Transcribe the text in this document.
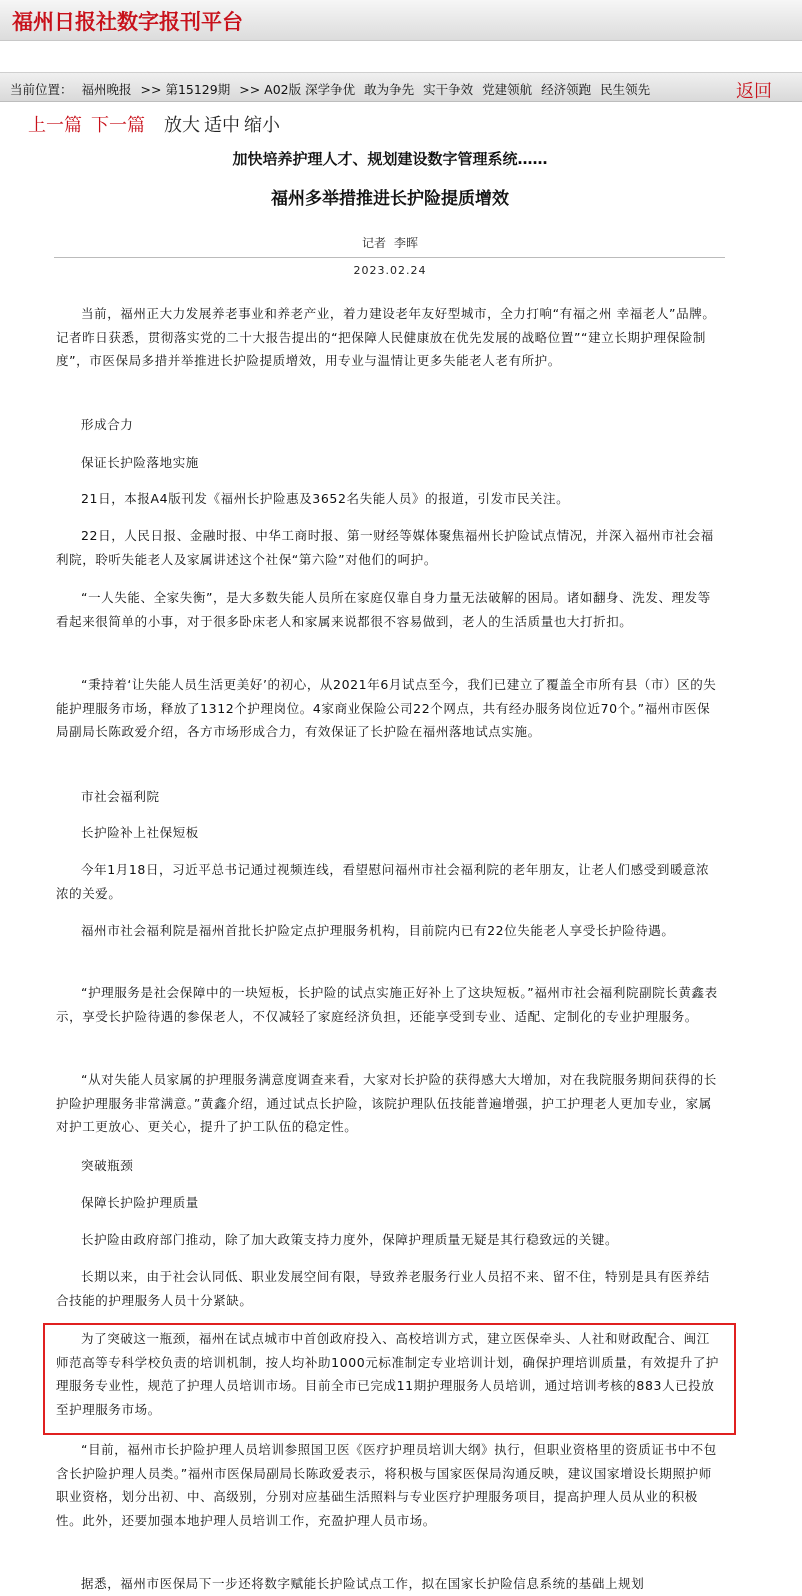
福州日报社数字报刊平台
当前位置： 福州晚报 >> 第15129期 >> A02版 深学争优 敢为争先 实干争效 党建领航 经济领跑 民生领先	返回
上一篇 下一篇 放大 适中 缩小
加快培养护理人才、规划建设数字管理系统……
福州多举措推进长护险提质增效
记者 李晖
2023.02.24
当前，福州正大力发展养老事业和养老产业，着力建设老年友好型城市，全力打响“有福之州 幸福老人”品牌。记者昨日获悉，贯彻落实党的二十大报告提出的“把保障人民健康放在优先发展的战略位置”“建立长期护理保险制度”，市医保局多措并举推进长护险提质增效，用专业与温情让更多失能老人老有所护。
形成合力
保证长护险落地实施
21日，本报A4版刊发《福州长护险惠及3652名失能人员》的报道，引发市民关注。
22日，人民日报、金融时报、中华工商时报、第一财经等媒体聚焦福州长护险试点情况，并深入福州市社会福利院，聆听失能老人及家属讲述这个社保“第六险”对他们的呵护。
“一人失能、全家失衡”，是大多数失能人员所在家庭仅靠自身力量无法破解的困局。诸如翻身、洗发、理发等看起来很简单的小事，对于很多卧床老人和家属来说都很不容易做到，老人的生活质量也大打折扣。
“秉持着‘让失能人员生活更美好’的初心，从2021年6月试点至今，我们已建立了覆盖全市所有县（市）区的失能护理服务市场，释放了1312个护理岗位。4家商业保险公司22个网点，共有经办服务岗位近70个。”福州市医保局副局长陈政爱介绍，各方市场形成合力，有效保证了长护险在福州落地试点实施。
市社会福利院
长护险补上社保短板
今年1月18日，习近平总书记通过视频连线，看望慰问福州市社会福利院的老年朋友，让老人们感受到暖意浓浓的关爱。
福州市社会福利院是福州首批长护险定点护理服务机构，目前院内已有22位失能老人享受长护险待遇。
“护理服务是社会保障中的一块短板，长护险的试点实施正好补上了这块短板。”福州市社会福利院副院长黄鑫表示，享受长护险待遇的参保老人，不仅减轻了家庭经济负担，还能享受到专业、适配、定制化的专业护理服务。
“从对失能人员家属的护理服务满意度调查来看，大家对长护险的获得感大大增加，对在我院服务期间获得的长护险护理服务非常满意。”黄鑫介绍，通过试点长护险，该院护理队伍技能普遍增强，护工护理老人更加专业，家属对护工更放心、更关心，提升了护工队伍的稳定性。
突破瓶颈
保障长护险护理质量
长护险由政府部门推动，除了加大政策支持力度外，保障护理质量无疑是其行稳致远的关键。
长期以来，由于社会认同低、职业发展空间有限，导致养老服务行业人员招不来、留不住，特别是具有医养结合技能的护理服务人员十分紧缺。
为了突破这一瓶颈，福州在试点城市中首创政府投入、高校培训方式，建立医保牵头、人社和财政配合、闽江师范高等专科学校负责的培训机制，按人均补助1000元标准制定专业培训计划，确保护理培训质量，有效提升了护理服务专业性，规范了护理人员培训市场。目前全市已完成11期护理服务人员培训，通过培训考核的883人已投放至护理服务市场。
“目前，福州市长护险护理人员培训参照国卫医《医疗护理员培训大纲》执行，但职业资格里的资质证书中不包含长护险护理人员类。”福州市医保局副局长陈政爱表示，将积极与国家医保局沟通反映，建议国家增设长期照护师职业资格，划分出初、中、高级别，分别对应基础生活照料与专业医疗护理服务项目，提高护理人员从业的积极性。此外，还要加强本地护理人员培训工作，充盈护理人员市场。
据悉，福州市医保局下一步还将数字赋能长护险试点工作，拟在国家长护险信息系统的基础上规划
